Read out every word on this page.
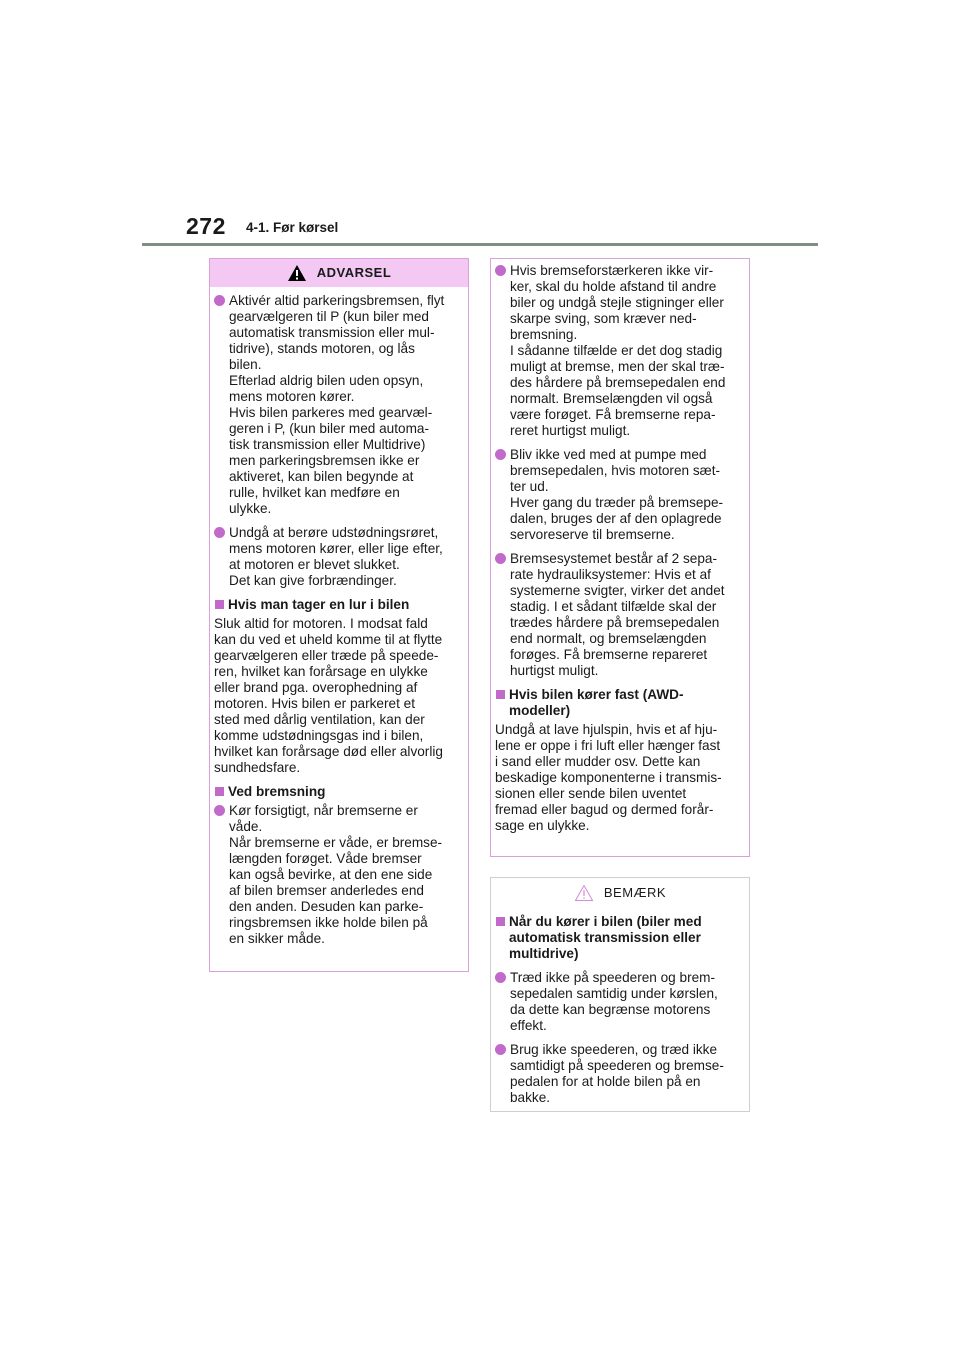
272 4-1. Før kørsel
ADVARSEL
Aktivér altid parkeringsbremsen, flyt
gearvælgeren til P (kun biler med
automatisk transmission eller mul-
tidrive), stands motoren, og lås
bilen.
Efterlad aldrig bilen uden opsyn,
mens motoren kører.
Hvis bilen parkeres med gearvæl-
geren i P, (kun biler med automa-
tisk transmission eller Multidrive)
men parkeringsbremsen ikke er
aktiveret, kan bilen begynde at
rulle, hvilket kan medføre en
ulykke.
Undgå at berøre udstødningsrøret,
mens motoren kører, eller lige efter,
at motoren er blevet slukket.
Det kan give forbrændinger.
Hvis man tager en lur i bilen
Sluk altid for motoren. I modsat fald
kan du ved et uheld komme til at flytte
gearvælgeren eller træde på speede-
ren, hvilket kan forårsage en ulykke
eller brand pga. overophedning af
motoren. Hvis bilen er parkeret et
sted med dårlig ventilation, kan der
komme udstødningsgas ind i bilen,
hvilket kan forårsage død eller alvorlig
sundhedsfare.
Ved bremsning
Kør forsigtigt, når bremserne er
våde.
Når bremserne er våde, er bremse-
længden forøget. Våde bremser
kan også bevirke, at den ene side
af bilen bremser anderledes end
den anden. Desuden kan parke-
ringsbremsen ikke holde bilen på
en sikker måde.
Hvis bremseforstærkeren ikke vir-
ker, skal du holde afstand til andre
biler og undgå stejle stigninger eller
skarpe sving, som kræver ned-
bremsning.
I sådanne tilfælde er det dog stadig
muligt at bremse, men der skal træ-
des hårdere på bremsepedalen end
normalt. Bremselængden vil også
være forøget. Få bremserne repa-
reret hurtigst muligt.
Bliv ikke ved med at pumpe med
bremsepedalen, hvis motoren sæt-
ter ud.
Hver gang du træder på bremsepe-
dalen, bruges der af den oplagrede
servoreserve til bremserne.
Bremsesystemet består af 2 sepa-
rate hydrauliksystemer: Hvis et af
systemerne svigter, virker det andet
stadig. I et sådant tilfælde skal der
trædes hårdere på bremsepedalen
end normalt, og bremselængden
forøges. Få bremserne repareret
hurtigst muligt.
Hvis bilen kører fast (AWD-
modeller)
Undgå at lave hjulspin, hvis et af hju-
lene er oppe i fri luft eller hænger fast
i sand eller mudder osv. Dette kan
beskadige komponenterne i transmis-
sionen eller sende bilen uventet
fremad eller bagud og dermed forår-
sage en ulykke.
BEMÆRK
Når du kører i bilen (biler med
automatisk transmission eller
multidrive)
Træd ikke på speederen og brem-
sepedalen samtidig under kørslen,
da dette kan begrænse motorens
effekt.
Brug ikke speederen, og træd ikke
samtidigt på speederen og bremse-
pedalen for at holde bilen på en
bakke.
